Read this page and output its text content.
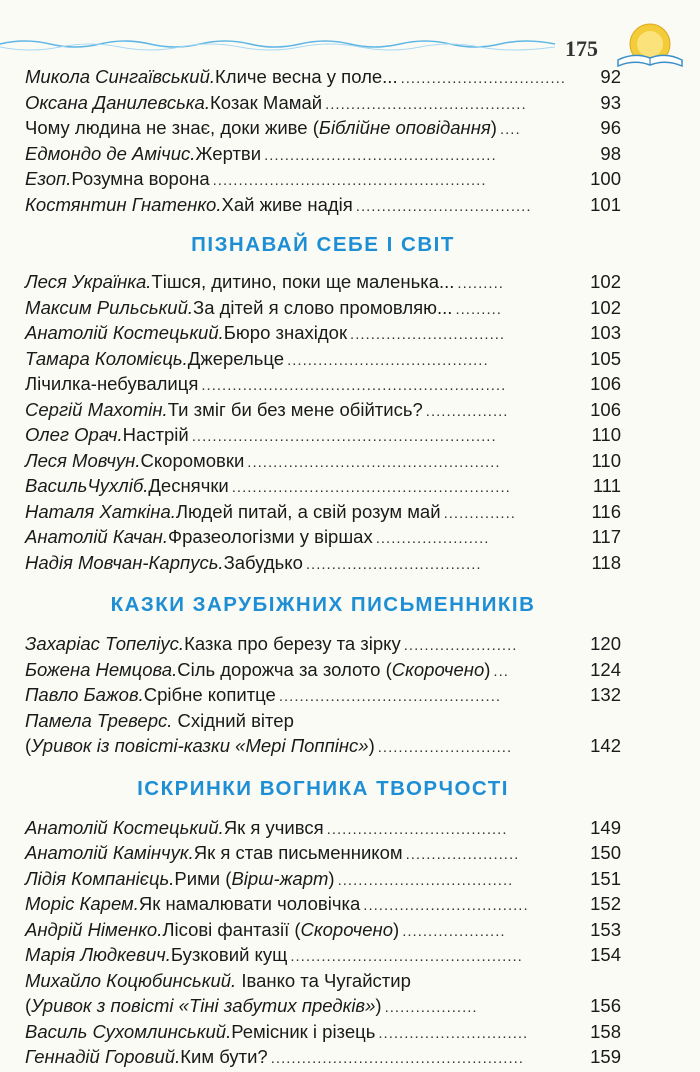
175
Микола Сингаївський. Кличе весна у поле... ................................	92
Оксана Данилевська. Козак Мамай .......................................	93
Чому людина не знає, доки живе ( Біблійне оповідання ) ....	96
Едмондо де Амічис. Жертви .............................................	98
Езоп. Розумна ворона .....................................................	100
Костянтин Гнатенко. Хай живе надія ..................................	101
ПІЗНАВАЙ СЕБЕ І СВІТ
Леся Українка. Тішся, дитино, поки ще маленька... .........	102
Максим Рильський. За дітей я слово промовляю... .........	102
Анатолій Костецький. Бюро знахідок ..............................	103
Тамара Коломієць. Джерельце .......................................	105
Лічилка-небувалиця ...........................................................	106
Сергій Махотін. Ти зміг би без мене обійтись? ................	106
Олег Орач. Настрій ...........................................................	110
Леся Мовчун. Скоромовки .................................................	110
ВасильЧухліб. Деснячки ......................................................	111
Наталя Хаткіна. Людей питай, а свій розум май ..............	116
Анатолій Качан. Фразеологізми у віршах ......................	117
Надія Мовчан-Карпусь. Забудько ..................................	118
КАЗКИ ЗАРУБІЖНИХ ПИСЬМЕННИКІВ
Захаріас Топеліус. Казка про березу та зірку ......................	120
Божена Немцова. Сіль дорожча за золото ( Скорочено ) ...	124
Павло Бажов. Срібне копитце ...........................................	132
Памела Треверс. Східний вітер
( Уривок із повісті-казки «Мері Поппінс» ) ..........................	142
ІСКРИНКИ ВОГНИКА ТВОРЧОСТІ
Анатолій Костецький. Як я учився ...................................	149
Анатолій Камінчук. Як я став письменником ......................	150
Лідія Компанієць. Рими ( Вірш-жарт ) ..................................	151
Моріс Карем. Як намалювати чоловічка ................................	152
Андрій Німенко. Лісові фантазії ( Скорочено ) ....................	153
Марія Людкевич. Бузковий кущ .............................................	154
Михайло Коцюбинський. Іванко та Чугайстир
( Уривок з повісті «Тіні забутих предків» ) ..................	156
Василь Сухомлинський. Ремісник і різець .............................	158
Геннадій Горовий. Ким бути? .................................................	159
